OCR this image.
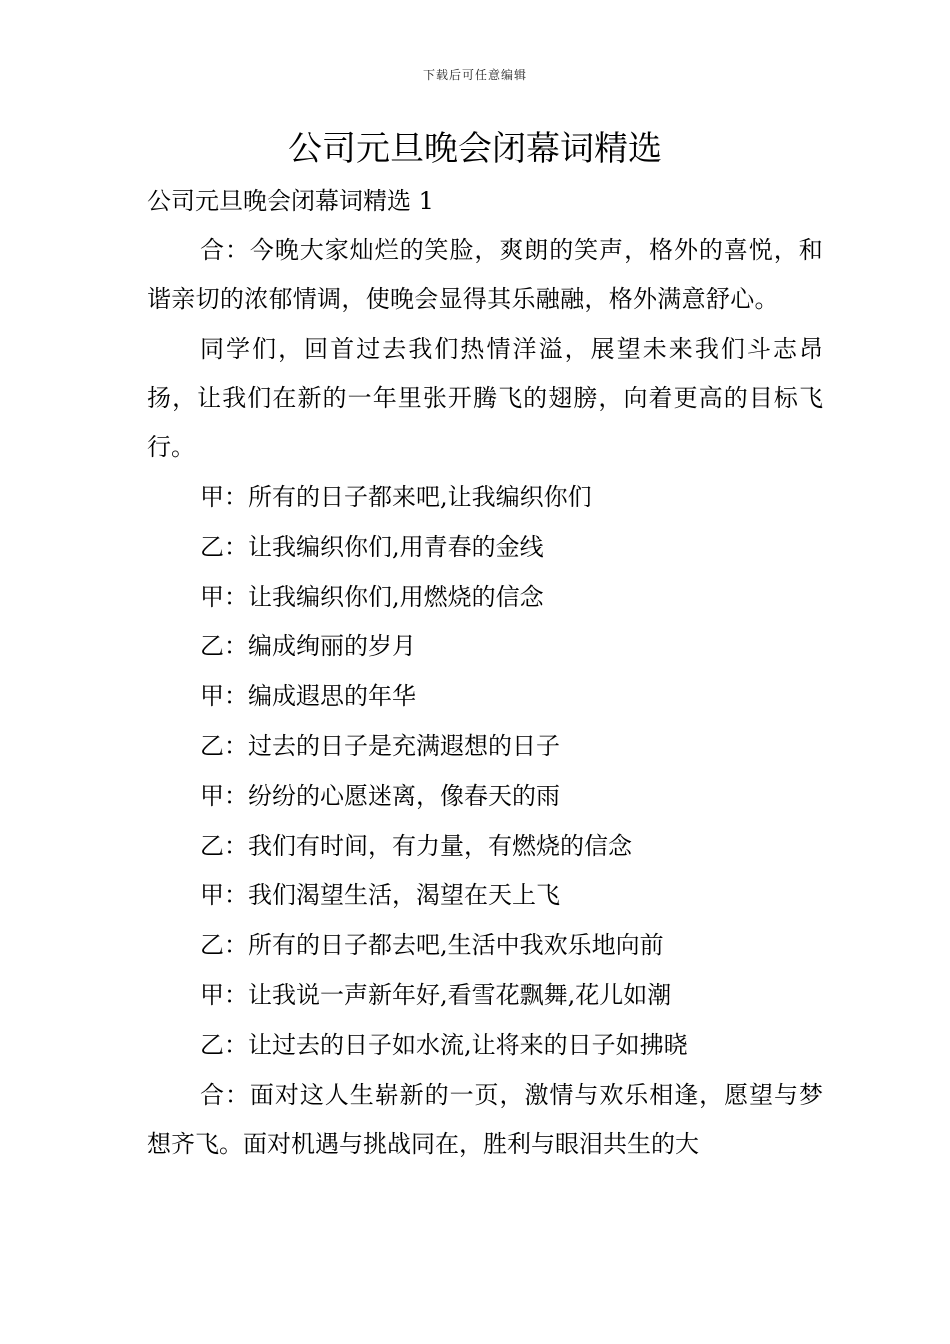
下载后可任意编辑
公司元旦晚会闭幕词精选

公司元旦晚会闭幕词精选 1

合：今晚大家灿烂的笑脸，爽朗的笑声，格外的喜悦，和谐亲切的浓郁情调，使晚会显得其乐融融，格外满意舒心。

同学们，回首过去我们热情洋溢，展望未来我们斗志昂扬，让我们在新的一年里张开腾飞的翅膀，向着更高的目标飞行。

甲：所有的日子都来吧,让我编织你们

乙：让我编织你们,用青春的金线

甲：让我编织你们,用燃烧的信念

乙：编成绚丽的岁月

甲：编成遐思的年华

乙：过去的日子是充满遐想的日子

甲：纷纷的心愿迷离，像春天的雨

乙：我们有时间，有力量，有燃烧的信念

甲：我们渴望生活，渴望在天上飞

乙：所有的日子都去吧,生活中我欢乐地向前

甲：让我说一声新年好,看雪花飘舞,花儿如潮

乙：让过去的日子如水流,让将来的日子如拂晓

合：面对这人生崭新的一页，激情与欢乐相逢，愿望与梦想齐飞。面对机遇与挑战同在，胜利与眼泪共生的大
